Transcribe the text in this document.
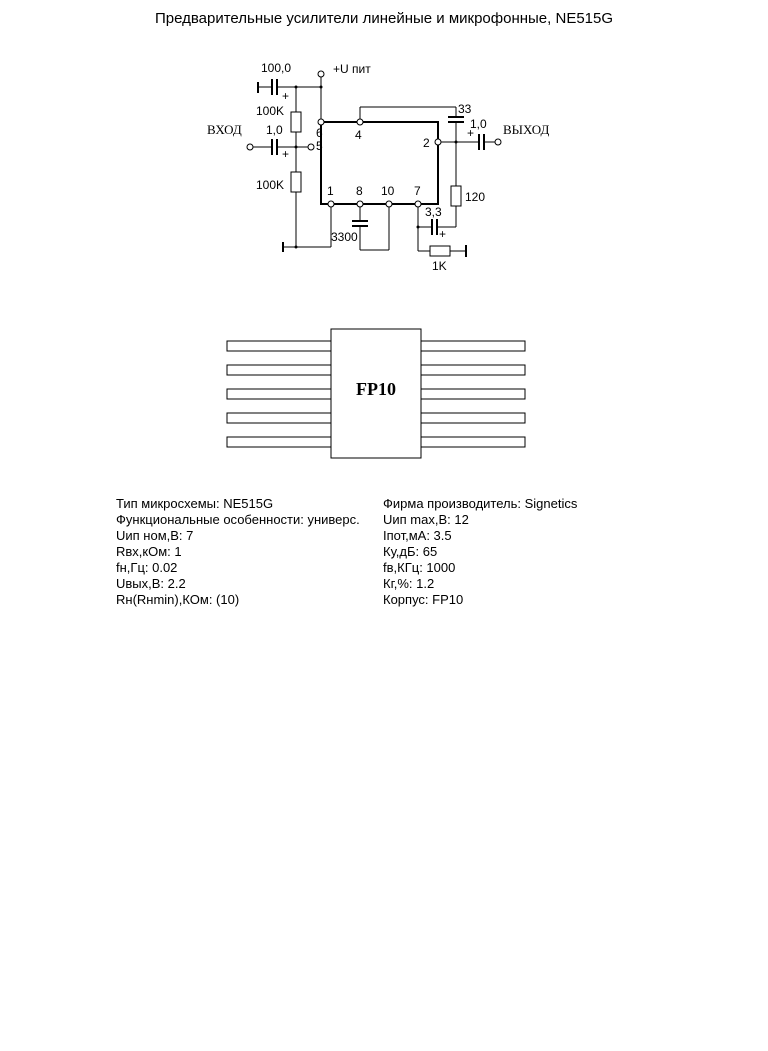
Предварительные усилители линейные и микрофонные, NE515G
100,0
+
+U пит
100K
ВХОД 1,0
+
100K
6
5
4
2
1 8 10 7
33
1,0
+ ВЫХОД
120
3,3
+
3300
1K
FP10
Тип микросхемы: NE515G
Функциональные особенности: универс.
Uип ном,В: 7
Rвх,кОм: 1
fн,Гц: 0.02
Uвых,В: 2.2
Rн(Rнmin),КОм: (10)
Фирма производитель: Signetics
Uип max,В: 12
Iпот,мА: 3.5
Ку,дБ: 65
fв,КГц: 1000
Кг,%: 1.2
Корпус: FP10
